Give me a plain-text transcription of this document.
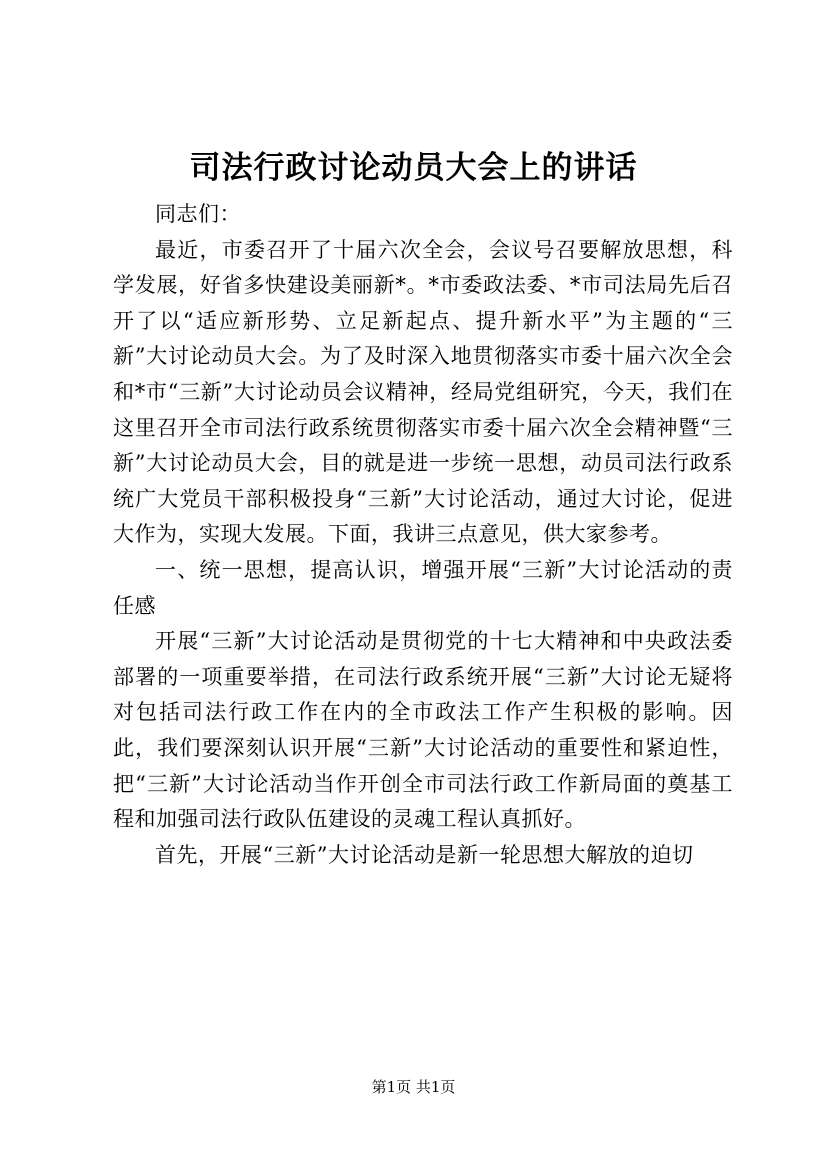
司法行政讨论动员大会上的讲话

同志们：

最近，市委召开了十届六次全会，会议号召要解放思想，科学发展，好省多快建设美丽新*。*市委政法委、*市司法局先后召开了以“适应新形势、立足新起点、提升新水平”为主题的“三新”大讨论动员大会。为了及时深入地贯彻落实市委十届六次全会和*市“三新”大讨论动员会议精神，经局党组研究，今天，我们在这里召开全市司法行政系统贯彻落实市委十届六次全会精神暨“三新”大讨论动员大会，目的就是进一步统一思想，动员司法行政系统广大党员干部积极投身“三新”大讨论活动，通过大讨论，促进大作为，实现大发展。下面，我讲三点意见，供大家参考。

一、统一思想，提高认识，增强开展“三新”大讨论活动的责任感

开展“三新”大讨论活动是贯彻党的十七大精神和中央政法委部署的一项重要举措，在司法行政系统开展“三新”大讨论无疑将对包括司法行政工作在内的全市政法工作产生积极的影响。因此，我们要深刻认识开展“三新”大讨论活动的重要性和紧迫性，把“三新”大讨论活动当作开创全市司法行政工作新局面的奠基工程和加强司法行政队伍建设的灵魂工程认真抓好。

首先，开展“三新”大讨论活动是新一轮思想大解放的迫切

第1页 共1页
